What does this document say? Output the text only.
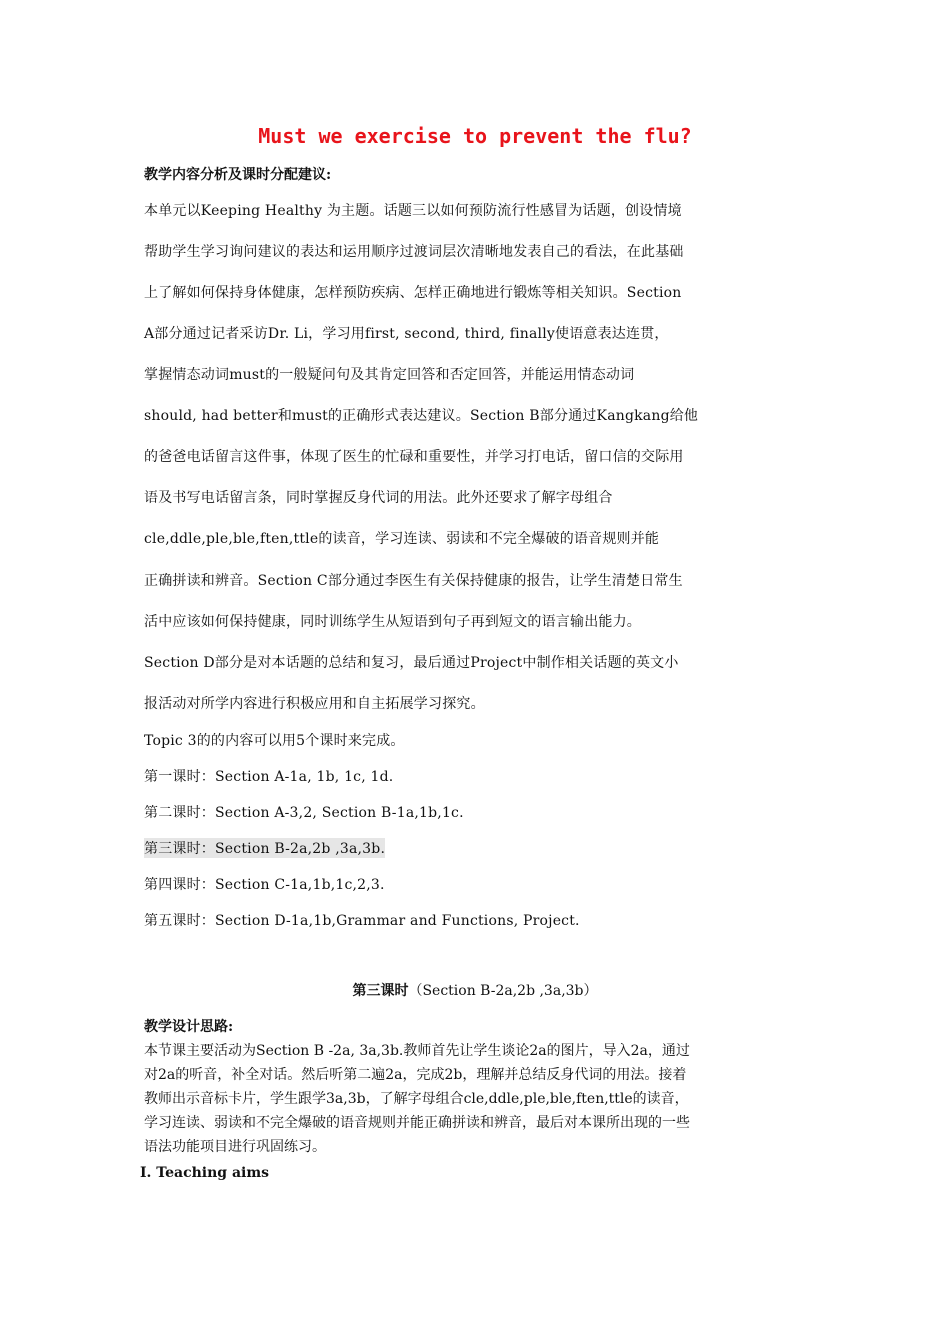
Must we exercise to prevent the flu?
教学内容分析及课时分配建议:
本单元以Keeping Healthy 为主题。话题三以如何预防流行性感冒为话题，创设情境
帮助学生学习询问建议的表达和运用顺序过渡词层次清晰地发表自己的看法，在此基础
上了解如何保持身体健康，怎样预防疾病、怎样正确地进行锻炼等相关知识。Section
A部分通过记者采访Dr. Li，学习用first, second, third, finally使语意表达连贯，
掌握情态动词must的一般疑问句及其肯定回答和否定回答，并能运用情态动词
should, had better和must的正确形式表达建议。Section B部分通过Kangkang给他
的爸爸电话留言这件事，体现了医生的忙碌和重要性，并学习打电话，留口信的交际用
语及书写电话留言条，同时掌握反身代词的用法。此外还要求了解字母组合
cle,ddle,ple,ble,ften,ttle的读音，学习连读、弱读和不完全爆破的语音规则并能
正确拼读和辨音。Section C部分通过李医生有关保持健康的报告，让学生清楚日常生
活中应该如何保持健康，同时训练学生从短语到句子再到短文的语言输出能力。
Section D部分是对本话题的总结和复习，最后通过Project中制作相关话题的英文小
报活动对所学内容进行积极应用和自主拓展学习探究。
Topic 3的的内容可以用5个课时来完成。
第一课时：Section A-1a, 1b, 1c, 1d.
第二课时：Section A-3,2, Section B-1a,1b,1c.
第三课时：Section B-2a,2b ,3a,3b.
第四课时：Section C-1a,1b,1c,2,3.
第五课时：Section D-1a,1b,Grammar and Functions, Project.
第三课时（Section B-2a,2b ,3a,3b）
教学设计思路:
本节课主要活动为Section B -2a, 3a,3b.教师首先让学生谈论2a的图片，导入2a，通过
对2a的听音，补全对话。然后听第二遍2a，完成2b，理解并总结反身代词的用法。接着
教师出示音标卡片，学生跟学3a,3b，了解字母组合cle,ddle,ple,ble,ften,ttle的读音，
学习连读、弱读和不完全爆破的语音规则并能正确拼读和辨音，最后对本课所出现的一些
语法功能项目进行巩固练习。
Ⅰ. Teaching aims
